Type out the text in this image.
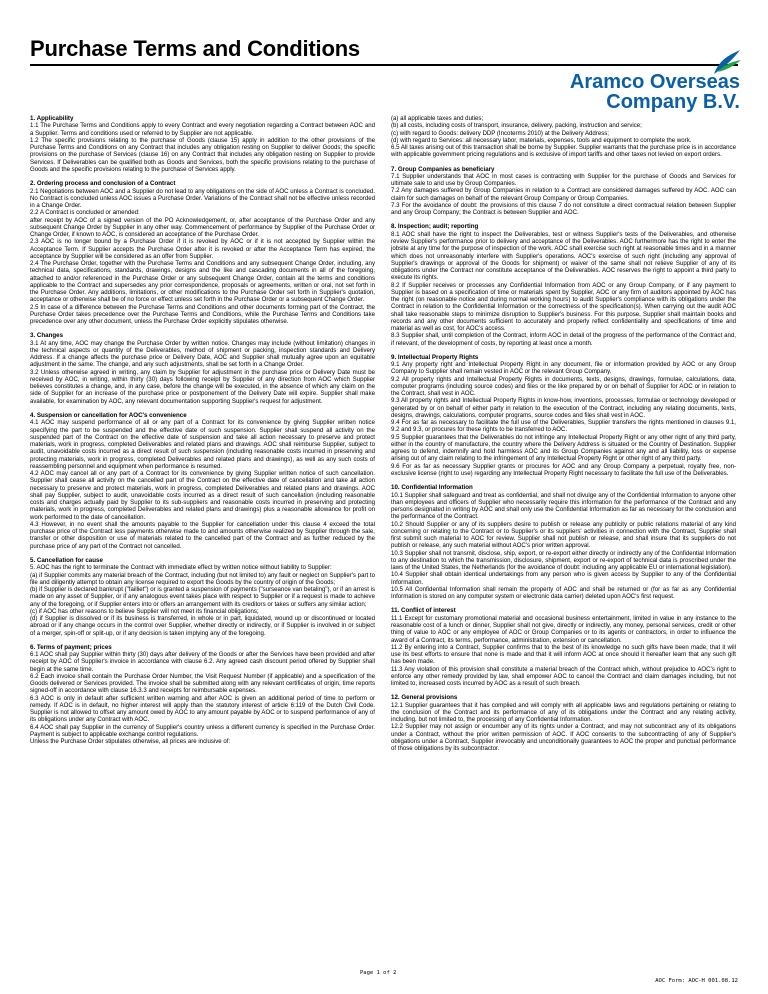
Purchase Terms and Conditions
Aramco Overseas
Company B.V.
1. Applicability

1.1 The Purchase Terms and Conditions apply to every Contract and every negotiation regarding a Contract between AOC and a Supplier. Terms and conditions used or referred to by Supplier are not applicable.

1.2 The specific provisions relating to the purchase of Goods (clause 15) apply in addition to the other provisions of the Purchase Terms and Conditions on any Contract that includes any obligation resting on Supplier to deliver Goods; the specific provisions on the purchase of Services (clause 16) on any Contract that includes any obligation resting on Supplier to provide Services. If Deliverables can be qualified both as Goods and Services, both the specific provisions relating to the purchase of Goods and the specific provisions relating to the purchase of Services apply.

2. Ordering process and conclusion of a Contract

2.1 Negotiations between AOC and a Supplier do not lead to any obligations on the side of AOC unless a Contract is concluded. No Contract is concluded unless AOC issues a Purchase Order. Variations of the Contract shall not be effective unless recorded in a Change Order.

2.2 A Contract is concluded or amended:

after receipt by AOC of a signed version of the PO Acknowledgement, or, after acceptance of the Purchase Order and any subsequent Change Order by Supplier in any other way. Commencement of performance by Supplier of the Purchase Order or Change Order, if known to AOC, is considered an acceptance of the Purchase Order.

2.3 AOC is no longer bound by a Purchase Order if it is revoked by AOC or if it is not accepted by Supplier within the Acceptance Term. If Supplier accepts the Purchase Order after it is revoked or after the Acceptance Term has expired, the acceptance by Supplier will be considered as an offer from Supplier.

2.4 The Purchase Order, together with the Purchase Terms and Conditions and any subsequent Change Order, including, any technical data, specifications, standards, drawings, designs and the like and cascading documents in all of the foregoing, attached to and/or referenced in the Purchase Order or any subsequent Change Order, contain all the terms and conditions applicable to the Contract and supersedes any prior correspondence, proposals or agreements, written or oral, not set forth in the Purchase Order. Any additions, limitations, or other modifications to the Purchase Order set forth in Supplier's quotation, acceptance or otherwise shall be of no force or effect unless set forth in the Purchase Order or a subsequent Change Order.

2.5 In case of a difference between the Purchase Terms and Conditions and other documents forming part of the Contract, the Purchase Order takes precedence over the Purchase Terms and Conditions, while the Purchase Terms and Conditions take precedence over any other document, unless the Purchase Order explicitly stipulates otherwise.

3. Changes

3.1 At any time, AOC may change the Purchase Order by written notice. Changes may include (without limitation) changes in the technical aspects or quantity of the Deliverables, method of shipment or packing, inspection standards and Delivery Address. If a change affects the purchase price or Delivery Date, AOC and Supplier shall mutually agree upon an equitable adjustment in the same. The change, and any such adjustments, shall be set forth in a Change Order.

3.2 Unless otherwise agreed in writing, any claim by Supplier for adjustment in the purchase price or Delivery Date must be received by AOC, in writing, within thirty (30) days following receipt by Supplier of any direction from AOC which Supplier believes constitutes a change, and, in any case, before the change will be executed, in the absence of which any claim on the side of Supplier for an increase of the purchase price or postponement of the Delivery Date will expire. Supplier shall make available, for examination by AOC, any relevant documentation supporting Supplier's request for adjustment.

4. Suspension or cancellation for AOC's convenience

4.1 AOC may suspend performance of all or any part of a Contract for its convenience by giving Supplier written notice specifying the part to be suspended and the effective date of such suspension. Supplier shall suspend all activity on the suspended part of the Contract on the effective date of suspension and take all action necessary to preserve and protect materials, work in progress, completed Deliverables and related plans and drawings. AOC shall reimburse Supplier, subject to audit, unavoidable costs incurred as a direct result of such suspension (including reasonable costs incurred in preserving and protecting materials, work in progress, completed Deliverables and related plans and drawings), as well as any such costs of reassembling personnel and equipment when performance is resumed.

4.2 AOC may cancel all or any part of a Contract for its convenience by giving Supplier written notice of such cancellation. Supplier shall cease all activity on the cancelled part of the Contract on the effective date of cancellation and take all action necessary to preserve and protect materials, work in progress, completed Deliverables and related plans and drawings. AOC shall pay Supplier, subject to audit, unavoidable costs incurred as a direct result of such cancellation (including reasonable costs and charges actually paid by Supplier to its sub-suppliers and reasonable costs incurred in preserving and protecting materials, work in progress, completed Deliverables and related plans and drawings) plus a reasonable allowance for profit on work performed to the date of cancellation.

4.3 However, in no event shall the amounts payable to the Supplier for cancellation under this clause 4 exceed the total purchase price of the Contract less payments otherwise made to and amounts otherwise realized by Supplier through the sale, transfer or other disposition or use of materials related to the cancelled part of the Contract and as further reduced by the purchase price of any part of the Contract not cancelled.

5. Cancellation for cause

5. AOC has the right to terminate the Contract with immediate effect by written notice without liability to Supplier:

(a) if Supplier commits any material breach of the Contract, including (but not limited to) any fault or neglect on Supplier's part to file and diligently attempt to obtain any license required to export the Goods by the country of origin of the Goods;

(b) if Supplier is declared bankrupt ("failliet") or is granted a suspension of payments ("surseance van betaling"), or if an arrest is made on any asset of Supplier, or if any analogous event takes place with respect to Supplier or if a request is made to achieve any of the foregoing, or if Supplier enters into or offers an arrangement with its creditors or takes or suffers any similar action;

(c) if AOC has other reasons to believe Supplier will not meet its financial obligations;

(d) if Supplier is dissolved or if its business is transferred, in whole or in part, liquidated, wound up or discontinued or located abroad or if any change occurs in the control over Supplier, whether directly or indirectly, or if Supplier is involved in or subject of a merger, spin-off or split-up, or if any decision is taken implying any of the foregoing.

6. Terms of payment; prices

6.1 AOC shall pay Supplier within thirty (30) days after delivery of the Goods or after the Services have been provided and after receipt by AOC of Supplier's invoice in accordance with clause 6.2. Any agreed cash discount period offered by Supplier shall begin at the same time.

6.2 Each invoice shall contain the Purchase Order Number, the Visit Request Number (if applicable) and a specification of the Goods delivered or Services provided. The invoice shall be submitted along with any relevant certificates of origin, time reports signed-off in accordance with clause 16.3.3 and receipts for reimbursable expenses.

6.3 AOC is only in default after sufficient written warning and after AOC is given an additional period of time to perform or remedy. If AOC is in default, no higher interest will apply than the statutory interest of article 6:119 of the Dutch Civil Code. Supplier is not allowed to offset any amount owed by AOC to any amount payable by AOC or to suspend performance of any of its obligations under any Contract with AOC.

6.4 AOC shall pay Supplier in the currency of Supplier's country unless a different currency is specified in the Purchase Order. Payment is subject to applicable exchange control regulations.

Unless the Purchase Order stipulates otherwise, all prices are inclusive of:

(a) all applicable taxes and duties;

(b) all costs, including costs of transport, insurance, delivery, packing, instruction and service;

(c) with regard to Goods: delivery DDP (Incoterms 2010) at the Delivery Address;

(d) with regard to Services: all necessary labor, materials, expenses, tools and equipment to complete the work.

6.5 All taxes arising out of this transaction shall be borne by Supplier. Supplier warrants that the purchase price is in accordance with applicable government pricing regulations and is exclusive of import tariffs and other taxes not levied on export orders.

7. Group Companies as beneficiary

7.1 Supplier understands that AOC in most cases is contracting with Supplier for the purchase of Goods and Services for ultimate sale to and use by Group Companies.

7.2 Any damages suffered by Group Companies in relation to a Contract are considered damages suffered by AOC. AOC can claim for such damages on behalf of the relevant Group Company or Group Companies.

7.3 For the avoidance of doubt: the provisions of this clause 7 do not constitute a direct contractual relation between Supplier and any Group Company; the Contract is between Supplier and AOC.

8. Inspection; audit; reporting

8.1 AOC shall have the right to inspect the Deliverables, test or witness Supplier's tests of the Deliverables, and otherwise review Supplier's performance prior to delivery and acceptance of the Deliverables. AOC furthermore has the right to enter the jobsite at any time for the purpose of inspection of the work. AOC shall exercise such right at reasonable times and in a manner which does not unreasonably interfere with Supplier's operations. AOC's exercise of such right (including any approval of Supplier's drawings or approval of the Goods for shipment) or waiver of the same shall not relieve Supplier of any of its obligations under the Contract nor constitute acceptance of the Deliverables. AOC reserves the right to appoint a third party to execute its rights.

8.2 If Supplier receives or processes any Confidential Information from AOC or any Group Company, or if any payment to Supplier is based on a specification of time or materials spent by Supplier, AOC or any firm of auditors appointed by AOC has the right (on reasonable notice and during normal working hours) to audit Supplier's compliance with its obligations under the Contract in relation to the Confidential Information or the correctness of the specification(s). When carrying out the audit AOC shall take reasonable steps to minimize disruption to Supplier's business. For this purpose, Supplier shall maintain books and records and any other documents sufficient to accurately and properly reflect confidentiality and specifications of time and material as well as cost, for AOC's access.

8.3 Supplier shall, until completion of the Contract, inform AOC in detail of the progress of the performance of the Contract and, if relevant, of the development of costs, by reporting at least once a month.

9. Intellectual Property Rights

9.1 Any property right and Intellectual Property Right in any document, file or information provided by AOC or any Group Company to Supplier shall remain vested in AOC or the relevant Group Company.

9.2 All property rights and Intellectual Property Rights in documents, texts, designs, drawings, formulae, calculations, data, computer programs (including source codes) and files or the like prepared by or on behalf of Supplier for AOC or in relation to the Contract, shall vest in AOC.

9.3 All property rights and Intellectual Property Rights in know-how, inventions, processes, formulae or technology developed or generated by or on behalf of either party in relation to the execution of the Contract, including any relating documents, texts, designs, drawings, calculations, computer programs, source codes and files shall vest in AOC.

9.4 For as far as necessary to facilitate the full use of the Deliverables, Supplier transfers the rights mentioned in clauses 9.1, 9.2 and 9.3, or procures for these rights to be transferred to AOC.

9.5 Supplier guarantees that the Deliverables do not infringe any Intellectual Property Right or any other right of any third party, either in the country of manufacture, the country where the Delivery Address is situated or the Country of Destination. Supplier agrees to defend, indemnify and hold harmless AOC and its Group Companies against any and all liability, loss or expense arising out of any claim relating to the infringement of any Intellectual Property Right or other right of any third party.

9.6 For as far as necessary Supplier grants or procures for AOC and any Group Company a perpetual, royalty free, non-exclusive license (right to use) regarding any Intellectual Property Right necessary to facilitate the full use of the Deliverables.

10. Confidential Information

10.1 Supplier shall safeguard and treat as confidential, and shall not divulge any of the Confidential Information to anyone other than employees and officers of Supplier who necessarily require this information for the performance of the Contract and any persons designated in writing by AOC and shall only use the Confidential Information as far as necessary for the conclusion and the performance of the Contract.

10.2 Should Supplier or any of its suppliers desire to publish or release any publicity or public relations material of any kind concerning or relating to the Contract or to Supplier's or its suppliers' activities in connection with the Contract, Supplier shall first submit such material to AOC for review. Supplier shall not publish or release, and shall insure that its suppliers do not publish or release, any such material without AOC's prior written approval.

10.3 Supplier shall not transmit, disclose, ship, export, or re-export either directly or indirectly any of the Confidential Information to any destination to which the transmission, disclosure, shipment, export or re-export of technical data is proscribed under the laws of the United States, the Netherlands (for the avoidance of doubt: including any applicable EU or international legislation).

10.4 Supplier shall obtain identical undertakings from any person who is given access by Supplier to any of the Confidential Information.

10.5 All Confidential Information shall remain the property of AOC and shall be returned or (for as far as any Confidential Information is stored on any computer system or electronic data carrier) deleted upon AOC's first request.

11. Conflict of interest

11.1 Except for customary promotional material and occasional business entertainment, limited in value in any instance to the reasonable cost of a lunch or dinner, Supplier shall not give, directly or indirectly, any money, personal services, credit or other thing of value to AOC or any employee of AOC or Group Companies or to its agents or contractors, in order to influence the award of a Contract, its terms, performance, administration, extension or cancellation.

11.2 By entering into a Contract, Supplier confirms that to the best of its knowledge no such gifts have been made, that it will use its best efforts to ensure that none is made and that it will inform AOC at once should it hereafter learn that any such gift has been made.

11.3 Any violation of this provision shall constitute a material breach of the Contract which, without prejudice to AOC's right to enforce any other remedy provided by law, shall empower AOC to cancel the Contract and claim damages including, but not limited to, increased costs incurred by AOC as a result of such breach.

12. General provisions

12.1 Supplier guarantees that it has complied and will comply with all applicable laws and regulations pertaining or relating to the conclusion of the Contract and its performance of any of its obligations under the Contract and any relating activity, including, but not limited to, the processing of any Confidential Information.

12.2 Supplier may not assign or encumber any of its rights under a Contract, and may not subcontract any of its obligations under a Contract, without the prior written permission of AOC. If AOC consents to the subcontracting of any of Supplier's obligations under a Contract, Supplier irrevocably and unconditionally guarantees to AOC the proper and punctual performance of those obligations by its subcontractor.

Page 1 of 2
AOC Form: AOC-H 001.08.12
